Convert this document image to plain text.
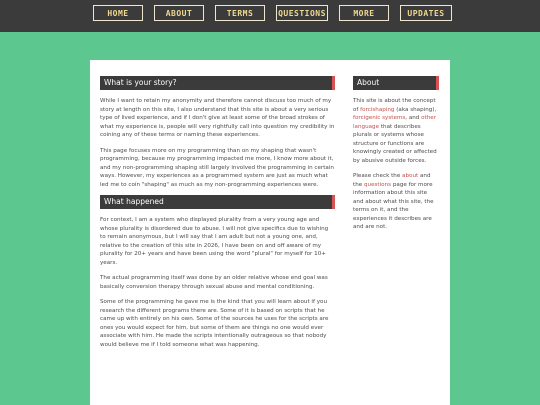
HOME	ABOUT	TERMS	QUESTIONS	MORE	UPDATES
What is your story?

While I want to retain my anonymity and therefore cannot discuss too much of my story at length on this site, I also understand that this site is about a very serious type of lived experience, and if I don't give at least some of the broad strokes of what my experience is, people will very rightfully call into question my credibility in coining any of these terms or naming these experiences.

This page focuses more on my programming than on my shaping that wasn't programming, because my programming impacted me more, I know more about it, and my non-programming shaping still largely involved the programming in certain ways. However, my experiences as a programmed system are just as much what led me to coin "shaping" as much as my non-programming experiences were.

What happened

For context, I am a system who displayed plurality from a very young age and whose plurality is disordered due to abuse. I will not give specifics due to wishing to remain anonymous, but I will say that I am adult but not a young one, and, relative to the creation of this site in 2026, I have been on and off aware of my plurality for 20+ years and have been using the word "plural" for myself for 10+ years.

The actual programming itself was done by an older relative whose end goal was basically conversion therapy through sexual abuse and mental conditioning.

Some of the programming he gave me is the kind that you will learn about if you research the different programs there are. Some of it is based on scripts that he came up with entirely on his own. Some of the sources he uses for the scripts are ones you would expect for him, but some of them are things no one would ever associate with him. He made the scripts intentionally outrageous so that nobody would believe me if I told someone what was happening.

About

This site is about the concept of forcishaping (aka shaping), forcigenic systems, and other language that describes plurals or systems whose structure or functions are knowingly created or affected by abusive outside forces.

Please check the about and the questions page for more information about this site and about what this site, the terms on it, and the experiences it describes are and are not.
